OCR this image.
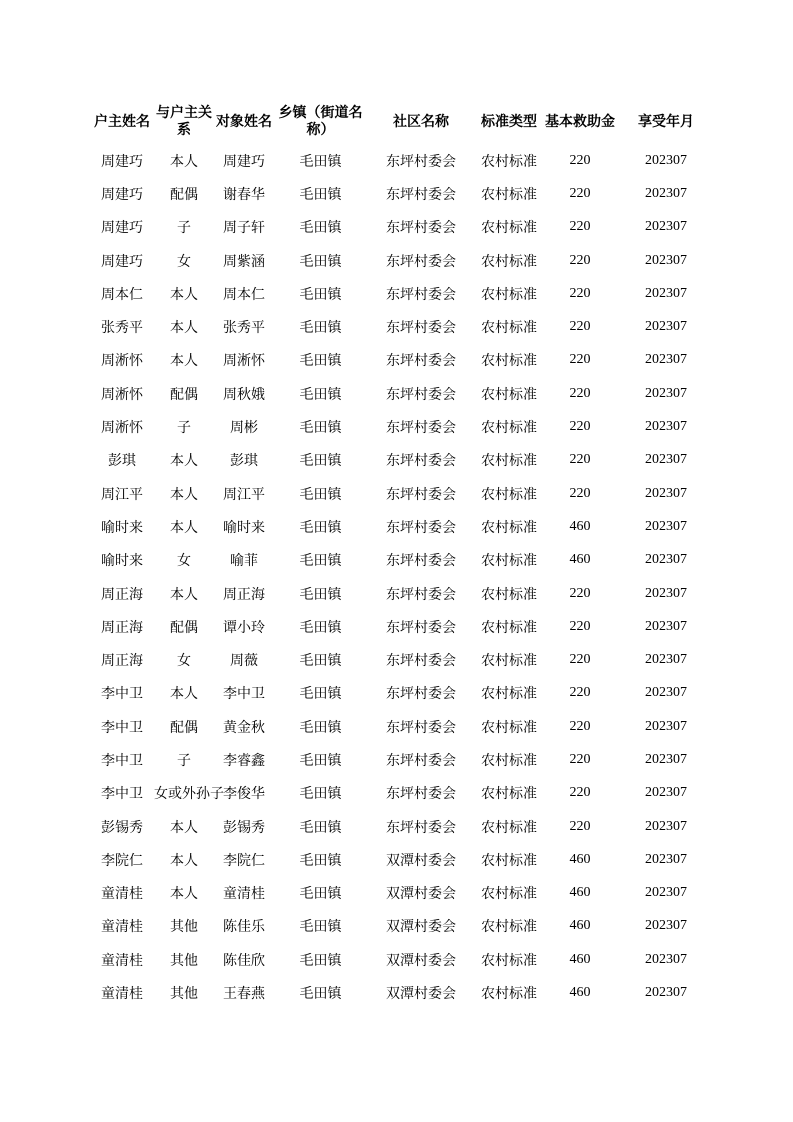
户主姓名	与户主关系	对象姓名	乡镇（街道名称）	社区名称	标准类型	基本救助金	享受年月
周建巧	本人	周建巧	毛田镇	东坪村委会	农村标准	220	202307
周建巧	配偶	谢春华	毛田镇	东坪村委会	农村标准	220	202307
周建巧	子	周子轩	毛田镇	东坪村委会	农村标准	220	202307
周建巧	女	周紫涵	毛田镇	东坪村委会	农村标准	220	202307
周本仁	本人	周本仁	毛田镇	东坪村委会	农村标准	220	202307
张秀平	本人	张秀平	毛田镇	东坪村委会	农村标准	220	202307
周淅怀	本人	周淅怀	毛田镇	东坪村委会	农村标准	220	202307
周淅怀	配偶	周秋娥	毛田镇	东坪村委会	农村标准	220	202307
周淅怀	子	周彬	毛田镇	东坪村委会	农村标准	220	202307
彭琪	本人	彭琪	毛田镇	东坪村委会	农村标准	220	202307
周江平	本人	周江平	毛田镇	东坪村委会	农村标准	220	202307
喻时来	本人	喻时来	毛田镇	东坪村委会	农村标准	460	202307
喻时来	女	喻菲	毛田镇	东坪村委会	农村标准	460	202307
周正海	本人	周正海	毛田镇	东坪村委会	农村标准	220	202307
周正海	配偶	谭小玲	毛田镇	东坪村委会	农村标准	220	202307
周正海	女	周薇	毛田镇	东坪村委会	农村标准	220	202307
李中卫	本人	李中卫	毛田镇	东坪村委会	农村标准	220	202307
李中卫	配偶	黄金秋	毛田镇	东坪村委会	农村标准	220	202307
李中卫	子	李睿鑫	毛田镇	东坪村委会	农村标准	220	202307
李中卫	女或外孙子	李俊华	毛田镇	东坪村委会	农村标准	220	202307
彭锡秀	本人	彭锡秀	毛田镇	东坪村委会	农村标准	220	202307
李院仁	本人	李院仁	毛田镇	双潭村委会	农村标准	460	202307
童清桂	本人	童清桂	毛田镇	双潭村委会	农村标准	460	202307
童清桂	其他	陈佳乐	毛田镇	双潭村委会	农村标准	460	202307
童清桂	其他	陈佳欣	毛田镇	双潭村委会	农村标准	460	202307
童清桂	其他	王春燕	毛田镇	双潭村委会	农村标准	460	202307
